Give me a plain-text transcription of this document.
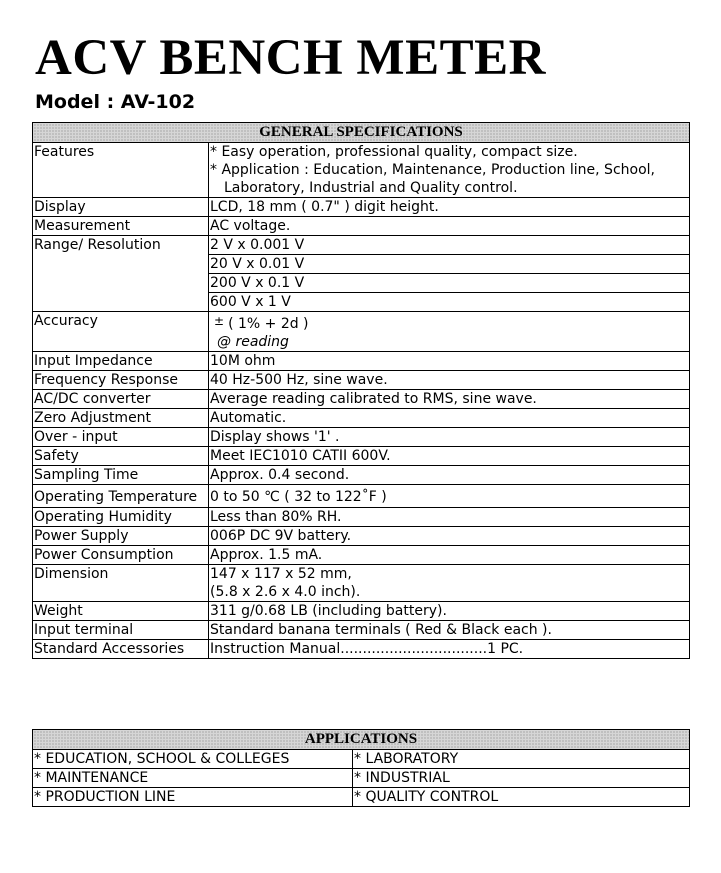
ACV BENCH METER
Model : AV-102
GENERAL SPECIFICATIONS	
Features	* Easy operation, professional quality, compact size.
* Application : Education, Maintenance, Production line, School,
Laboratory, Industrial and Quality control.

Display	LCD, 18 mm ( 0.7" ) digit height.
Measurement	AC voltage.
Range/ Resolution	2 V x 0.001 V
	20 V x 0.01 V
	200 V x 0.1 V
	600 V x 1 V
Accuracy	± ( 1% + 2d )
@ reading

Input Impedance	10M ohm
Frequency Response	40 Hz-500 Hz, sine wave.
AC/DC converter	Average reading calibrated to RMS, sine wave.
Zero Adjustment	Automatic.
Over - input	Display shows '1' .
Safety	Meet IEC1010 CATII 600V.
Sampling Time	Approx. 0.4 second.
Operating Temperature	0 to 50 ℃ ( 32 to 122˚F )
Operating Humidity	Less than 80% RH.
Power Supply	006P DC 9V battery.
Power Consumption	Approx. 1.5 mA.
Dimension	147 x 117 x 52 mm,
(5.8 x 2.6 x 4.0 inch).

Weight	311 g/0.68 LB (including battery).
Input terminal	Standard banana terminals ( Red & Black each ).
Standard Accessories	Instruction Manual.................................1 PC.
APPLICATIONS	
* EDUCATION, SCHOOL & COLLEGES	* LABORATORY
* MAINTENANCE	* INDUSTRIAL
* PRODUCTION LINE	* QUALITY CONTROL
